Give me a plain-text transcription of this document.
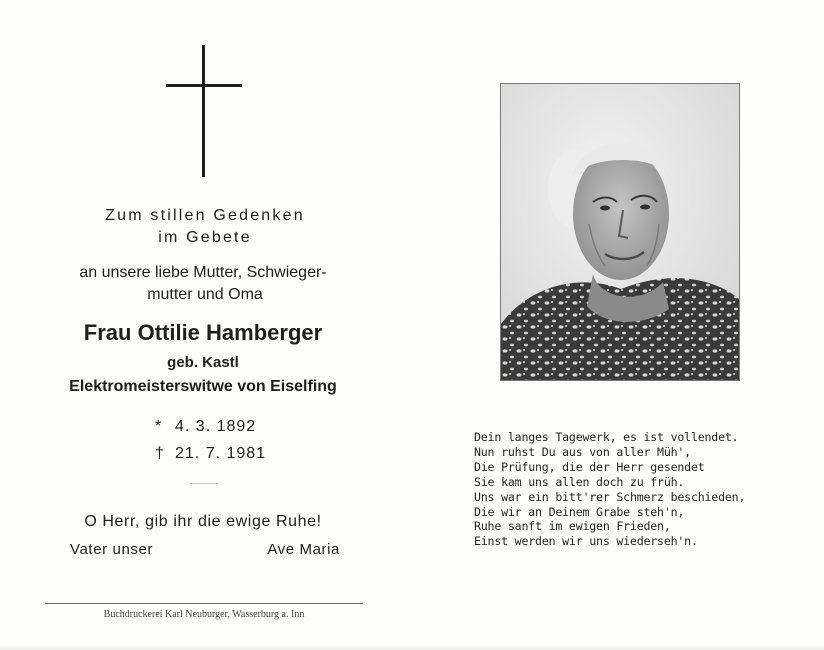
Zum stillen Gedenken
im Gebete
an unsere liebe Mutter, Schwieger-
mutter und Oma
Frau Ottilie Hamberger
geb. Kastl
Elektromeisterswitwe von Eiselfing
* 4. 3. 1892
† 21. 7. 1981
O Herr, gib ihr die ewige Ruhe!
Vater unser	Ave Maria
Buchdruckerei Karl Neuburger, Wasserburg a. Inn
Dein langes Tagewerk, es ist vollendet.
Nun ruhst Du aus von aller Müh',
Die Prüfung, die der Herr gesendet
Sie kam uns allen doch zu früh.
Uns war ein bitt'rer Schmerz beschieden,
Die wir an Deinem Grabe steh'n,
Ruhe sanft im ewigen Frieden,
Einst werden wir uns wiederseh'n.
